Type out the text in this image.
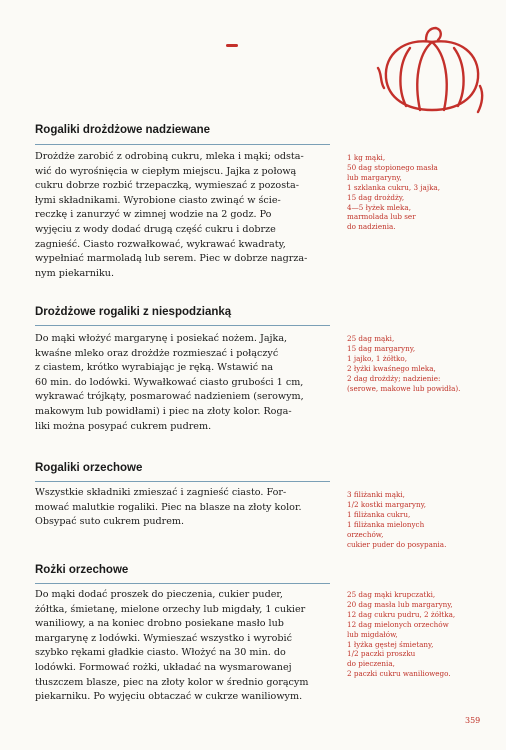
Rogaliki drożdżowe nadziewane

Drożdże zarobić z odrobiną cukru, mleka i mąki; odsta-
wić do wyrośnięcia w ciepłym miejscu. Jajka z połową
cukru dobrze rozbić trzepaczką, wymieszać z pozosta-
łymi składnikami. Wyrobione ciasto zwinąć w ście-
reczkę i zanurzyć w zimnej wodzie na 2 godz. Po
wyjęciu z wody dodać drugą część cukru i dobrze
zagnieść. Ciasto rozwałkować, wykrawać kwadraty,
wypełniać marmoladą lub serem. Piec w dobrze nagrza-
nym piekarniku.

1 kg mąki,
50 dag stopionego masła
lub margaryny,
1 szklanka cukru, 3 jajka,
15 dag drożdży,
4—5 łyżek mleka,
marmolada lub ser
do nadzienia.
Drożdżowe rogaliki z niespodzianką

Do mąki włożyć margarynę i posiekać nożem. Jajka,
kwaśne mleko oraz drożdże rozmieszać i połączyć
z ciastem, krótko wyrabiając je ręką. Wstawić na
60 min. do lodówki. Wywałkować ciasto grubości 1 cm,
wykrawać trójkąty, posmarować nadzieniem (serowym,
makowym lub powidłami) i piec na złoty kolor. Roga-
liki można posypać cukrem pudrem.

25 dag mąki,
15 dag margaryny,
1 jajko, 1 żółtko,
2 łyżki kwaśnego mleka,
2 dag drożdży; nadzienie:
(serowe, makowe lub powidła).
Rogaliki orzechowe

Wszystkie składniki zmieszać i zagnieść ciasto. For-
mować malutkie rogaliki. Piec na blasze na złoty kolor.
Obsypać suto cukrem pudrem.

3 filiżanki mąki,
1/2 kostki margaryny,
1 filiżanka cukru,
1 filiżanka mielonych
orzechów,
cukier puder do posypania.
Rożki orzechowe

Do mąki dodać proszek do pieczenia, cukier puder,
żółtka, śmietanę, mielone orzechy lub migdały, 1 cukier
waniliowy, a na koniec drobno posiekane masło lub
margarynę z lodówki. Wymieszać wszystko i wyrobić
szybko rękami gładkie ciasto. Włożyć na 30 min. do
lodówki. Formować rożki, układać na wysmarowanej
tłuszczem blasze, piec na złoty kolor w średnio gorącym
piekarniku. Po wyjęciu obtaczać w cukrze waniliowym.

25 dag mąki krupczatki,
20 dag masła lub margaryny,
12 dag cukru pudru, 2 żółtka,
12 dag mielonych orzechów
lub migdałów,
1 łyżka gęstej śmietany,
1/2 paczki proszku
do pieczenia,
2 paczki cukru waniliowego.
359
